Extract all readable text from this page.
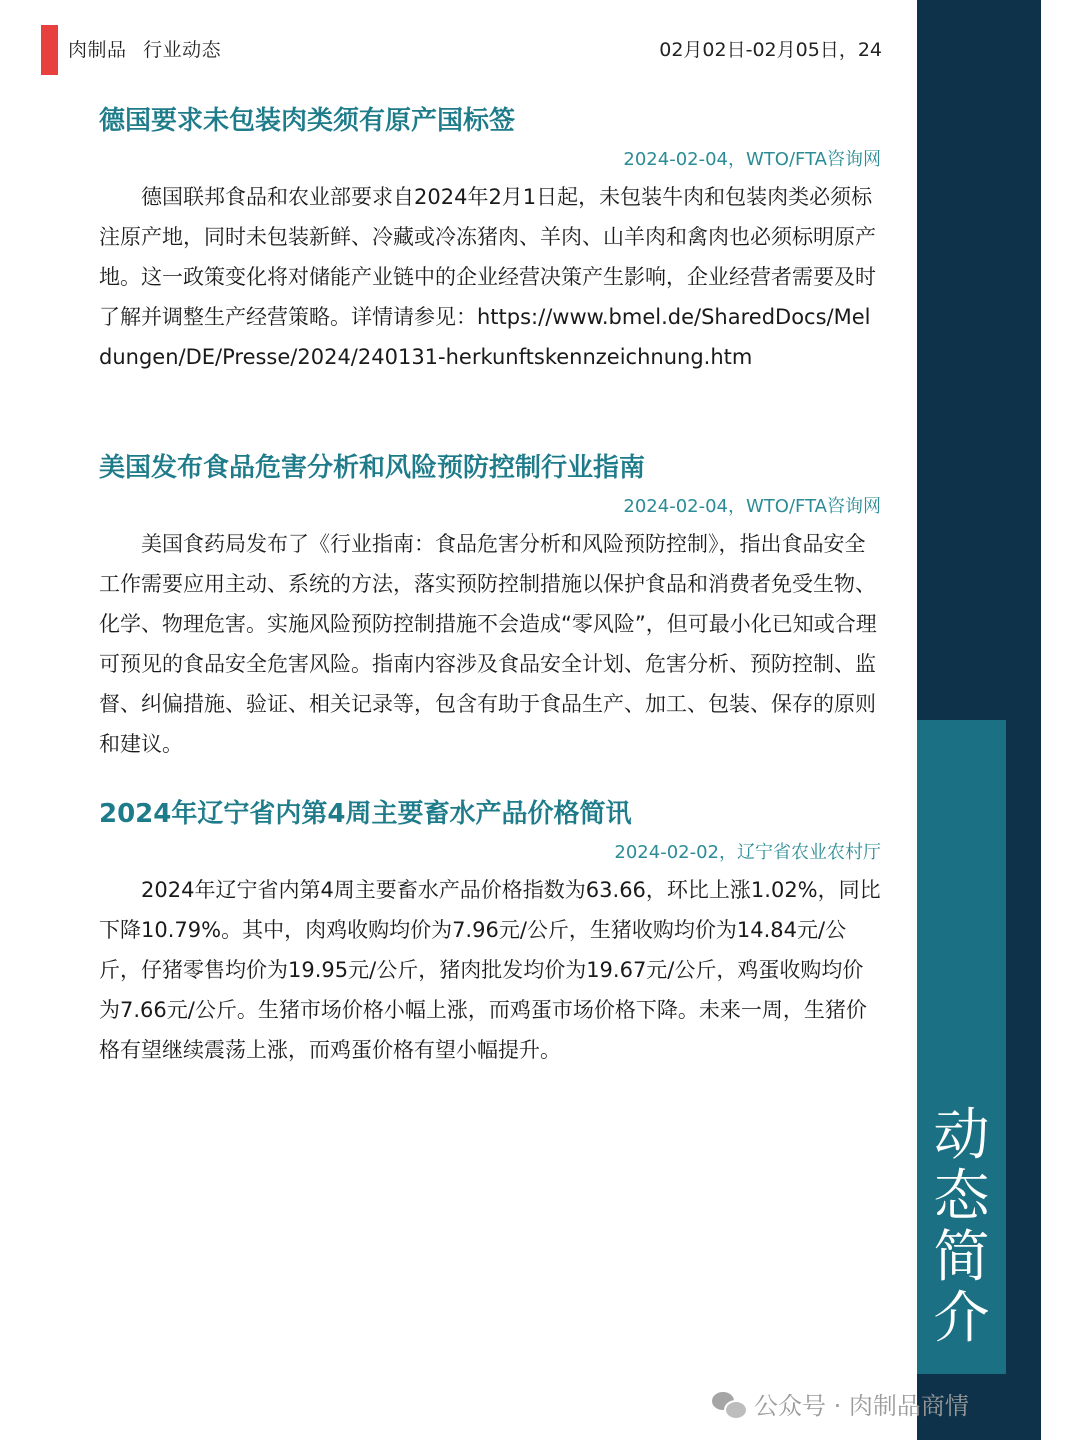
肉制品 行业动态	02月02日-02月05日，24
动
态
简
介
德国要求未包装肉类须有原产国标签
2024-02-04，WTO/FTA咨询网
德国联邦食品和农业部要求自2024年2月1日起，未包装牛肉和包装肉类必须标注原产地，同时未包装新鲜、冷藏或冷冻猪肉、羊肉、山羊肉和禽肉也必须标明原产地。这一政策变化将对储能产业链中的企业经营决策产生影响，企业经营者需要及时了解并调整生产经营策略。详情请参见：https://www.bmel.de/SharedDocs/Meldungen/DE/Presse/2024/240131-herkunftskennzeichnung.htm
美国发布食品危害分析和风险预防控制行业指南
2024-02-04，WTO/FTA咨询网
美国食药局发布了《行业指南：食品危害分析和风险预防控制》，指出食品安全工作需要应用主动、系统的方法，落实预防控制措施以保护食品和消费者免受生物、化学、物理危害。实施风险预防控制措施不会造成“零风险”，但可最小化已知或合理可预见的食品安全危害风险。指南内容涉及食品安全计划、危害分析、预防控制、监督、纠偏措施、验证、相关记录等，包含有助于食品生产、加工、包装、保存的原则和建议。
2024年辽宁省内第4周主要畜水产品价格简讯
2024-02-02，辽宁省农业农村厅
2024年辽宁省内第4周主要畜水产品价格指数为63.66，环比上涨1.02%，同比下降10.79%。其中，肉鸡收购均价为7.96元/公斤，生猪收购均价为14.84元/公斤，仔猪零售均价为19.95元/公斤，猪肉批发均价为19.67元/公斤，鸡蛋收购均价为7.66元/公斤。生猪市场价格小幅上涨，而鸡蛋市场价格下降。未来一周，生猪价格有望继续震荡上涨，而鸡蛋价格有望小幅提升。
公众号 · 肉制品商情
